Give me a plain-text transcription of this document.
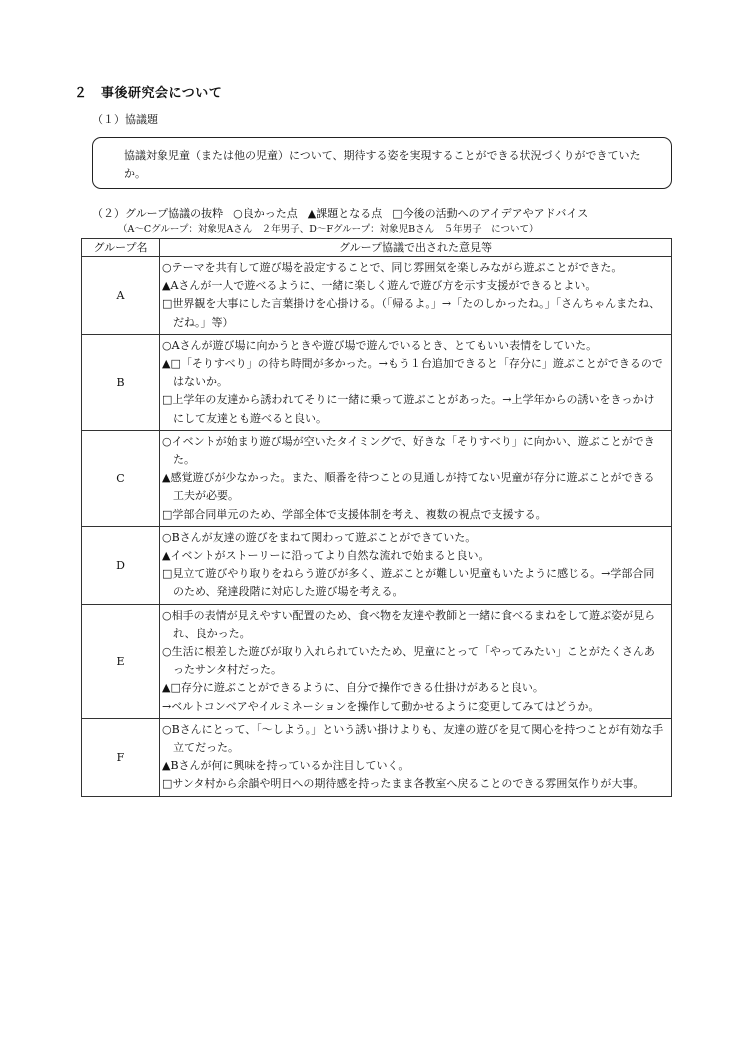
２　事後研究会について
（１）協議題
協議対象児童（または他の児童）について、期待する姿を実現することができる状況づくりができていたか。
（２）グループ協議の抜粋 ○良かった点 ▲課題となる点 □今後の活動へのアイデアやアドバイス
（A～Cグループ：対象児Aさん　２年男子、D～Fグループ：対象児Bさん　５年男子　について）
グループ名	グループ協議で出された意見等
A	○テーマを共有して遊び場を設定することで、同じ雰囲気を楽しみながら遊ぶことができた。
▲Aさんが一人で遊べるように、一緒に楽しく遊んで遊び方を示す支援ができるとよい。
□世界観を大事にした言葉掛けを心掛ける。（「帰るよ。」→「たのしかったね。」「さんちゃんまたね、だね。」等）

B	○Aさんが遊び場に向かうときや遊び場で遊んでいるとき、とてもいい表情をしていた。
▲□「そりすべり」の待ち時間が多かった。→もう１台追加できると「存分に」遊ぶことができるのではないか。
□上学年の友達から誘われてそりに一緒に乗って遊ぶことがあった。→上学年からの誘いをきっかけにして友達とも遊べると良い。

C	○イベントが始まり遊び場が空いたタイミングで、好きな「そりすべり」に向かい、遊ぶことができた。
▲感覚遊びが少なかった。また、順番を待つことの見通しが持てない児童が存分に遊ぶことができる工夫が必要。
□学部合同単元のため、学部全体で支援体制を考え、複数の視点で支援する。

D	○Bさんが友達の遊びをまねて関わって遊ぶことができていた。
▲イベントがストーリーに沿ってより自然な流れで始まると良い。
□見立て遊びやり取りをねらう遊びが多く、遊ぶことが難しい児童もいたように感じる。→学部合同のため、発達段階に対応した遊び場を考える。

E	○相手の表情が見えやすい配置のため、食べ物を友達や教師と一緒に食べるまねをして遊ぶ姿が見られ、良かった。
○生活に根差した遊びが取り入れられていたため、児童にとって「やってみたい」ことがたくさんあったサンタ村だった。
▲□存分に遊ぶことができるように、自分で操作できる仕掛けがあると良い。
→ベルトコンベアやイルミネーションを操作して動かせるように変更してみてはどうか。

F	○Bさんにとって、「～しよう。」という誘い掛けよりも、友達の遊びを見て関心を持つことが有効な手立てだった。
▲Bさんが何に興味を持っているか注目していく。
□サンタ村から余韻や明日への期待感を持ったまま各教室へ戻ることのできる雰囲気作りが大事。
